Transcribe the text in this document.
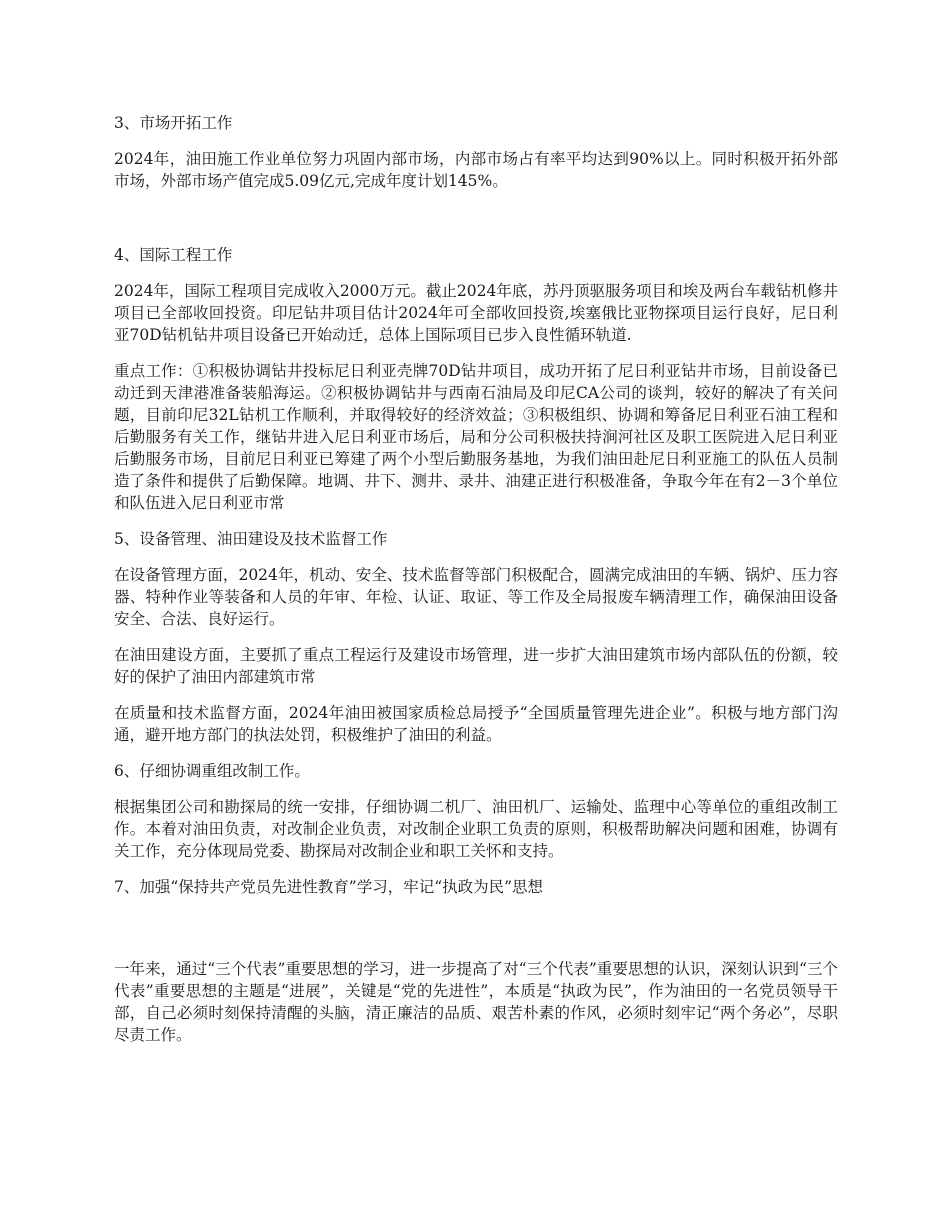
3、市场开拓工作

2024年，油田施工作业单位努力巩固内部市场，内部市场占有率平均达到90%以上。同时积极开拓外部市场，外部市场产值完成5.09亿元,完成年度计划145%。

4、国际工程工作

2024年，国际工程项目完成收入2000万元。截止2024年底，苏丹顶驱服务项目和埃及两台车载钻机修井项目已全部收回投资。印尼钻井项目估计2024年可全部收回投资,埃塞俄比亚物探项目运行良好，尼日利亚70D钻机钻井项目设备已开始动迁，总体上国际项目已步入良性循环轨道.

重点工作：①积极协调钻井投标尼日利亚壳牌70D钻井项目，成功开拓了尼日利亚钻井市场，目前设备已动迁到天津港准备装船海运。②积极协调钻井与西南石油局及印尼CA公司的谈判，较好的解决了有关问题，目前印尼32L钻机工作顺利，并取得较好的经济效益；③积极组织、协调和筹备尼日利亚石油工程和后勤服务有关工作，继钻井进入尼日利亚市场后，局和分公司积极扶持涧河社区及职工医院进入尼日利亚后勤服务市场，目前尼日利亚已筹建了两个小型后勤服务基地，为我们油田赴尼日利亚施工的队伍人员制造了条件和提供了后勤保障。地调、井下、测井、录井、油建正进行积极准备，争取今年在有2－3个单位和队伍进入尼日利亚市常

5、设备管理、油田建设及技术监督工作

在设备管理方面，2024年，机动、安全、技术监督等部门积极配合，圆满完成油田的车辆、锅炉、压力容器、特种作业等装备和人员的年审、年检、认证、取证、等工作及全局报废车辆清理工作，确保油田设备安全、合法、良好运行。

在油田建设方面，主要抓了重点工程运行及建设市场管理，进一步扩大油田建筑市场内部队伍的份额，较好的保护了油田内部建筑市常

在质量和技术监督方面，2024年油田被国家质检总局授予“全国质量管理先进企业”。积极与地方部门沟通，避开地方部门的执法处罚，积极维护了油田的利益。

6、仔细协调重组改制工作。

根据集团公司和勘探局的统一安排，仔细协调二机厂、油田机厂、运输处、监理中心等单位的重组改制工作。本着对油田负责，对改制企业负责，对改制企业职工负责的原则，积极帮助解决问题和困难，协调有关工作，充分体现局党委、勘探局对改制企业和职工关怀和支持。

7、加强“保持共产党员先进性教育”学习，牢记“执政为民”思想

一年来，通过“三个代表”重要思想的学习，进一步提高了对“三个代表”重要思想的认识，深刻认识到“三个代表”重要思想的主题是“进展”，关键是“党的先进性”，本质是“执政为民”，作为油田的一名党员领导干部，自己必须时刻保持清醒的头脑，清正廉洁的品质、艰苦朴素的作风，必须时刻牢记“两个务必”，尽职尽责工作。
